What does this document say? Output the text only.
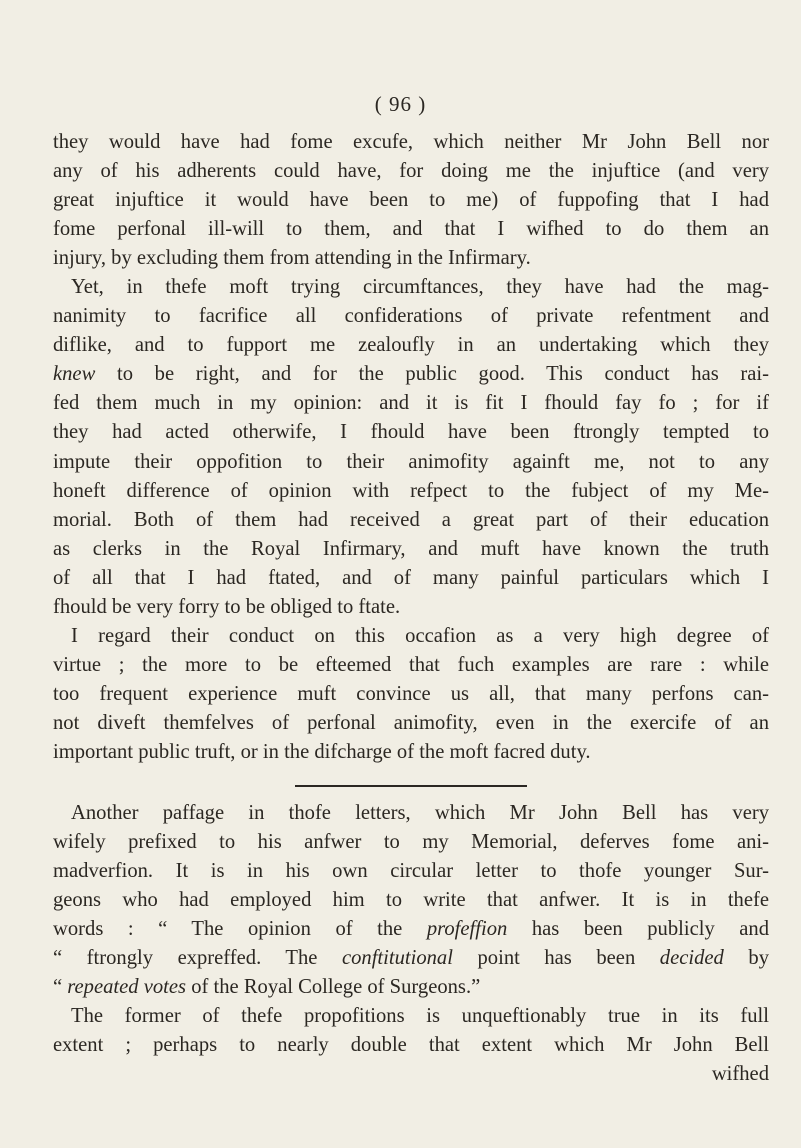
( 96 )
they would have had fome excufe, which neither Mr John Bell nor
any of his adherents could have, for doing me the injuftice (and very
great injuftice it would have been to me) of fuppofing that I had
fome perfonal ill-will to them, and that I wifhed to do them an
injury, by excluding them from attending in the Infirmary.
Yet, in thefe moft trying circumftances, they have had the mag-
nanimity to facrifice all confiderations of private refentment and
diflike, and to fupport me zealoufly in an undertaking which they
knew to be right, and for the public good. This conduct has rai-
fed them much in my opinion: and it is fit I fhould fay fo ; for if
they had acted otherwife, I fhould have been ftrongly tempted to
impute their oppofition to their animofity againft me, not to any
honeft difference of opinion with refpect to the fubject of my Me-
morial. Both of them had received a great part of their education
as clerks in the Royal Infirmary, and muft have known the truth
of all that I had ftated, and of many painful particulars which I
fhould be very forry to be obliged to ftate.
I regard their conduct on this occafion as a very high degree of
virtue ; the more to be efteemed that fuch examples are rare : while
too frequent experience muft convince us all, that many perfons can-
not diveft themfelves of perfonal animofity, even in the exercife of an
important public truft, or in the difcharge of the moft facred duty.
Another paffage in thofe letters, which Mr John Bell has very
wifely prefixed to his anfwer to my Memorial, deferves fome ani-
madverfion. It is in his own circular letter to thofe younger Sur-
geons who had employed him to write that anfwer. It is in thefe
words : “ The opinion of the profeffion has been publicly and
“ ftrongly expreffed. The conftitutional point has been decided by
“ repeated votes of the Royal College of Surgeons.”
The former of thefe propofitions is unqueftionably true in its full
extent ; perhaps to nearly double that extent which Mr John Bell
wifhed
